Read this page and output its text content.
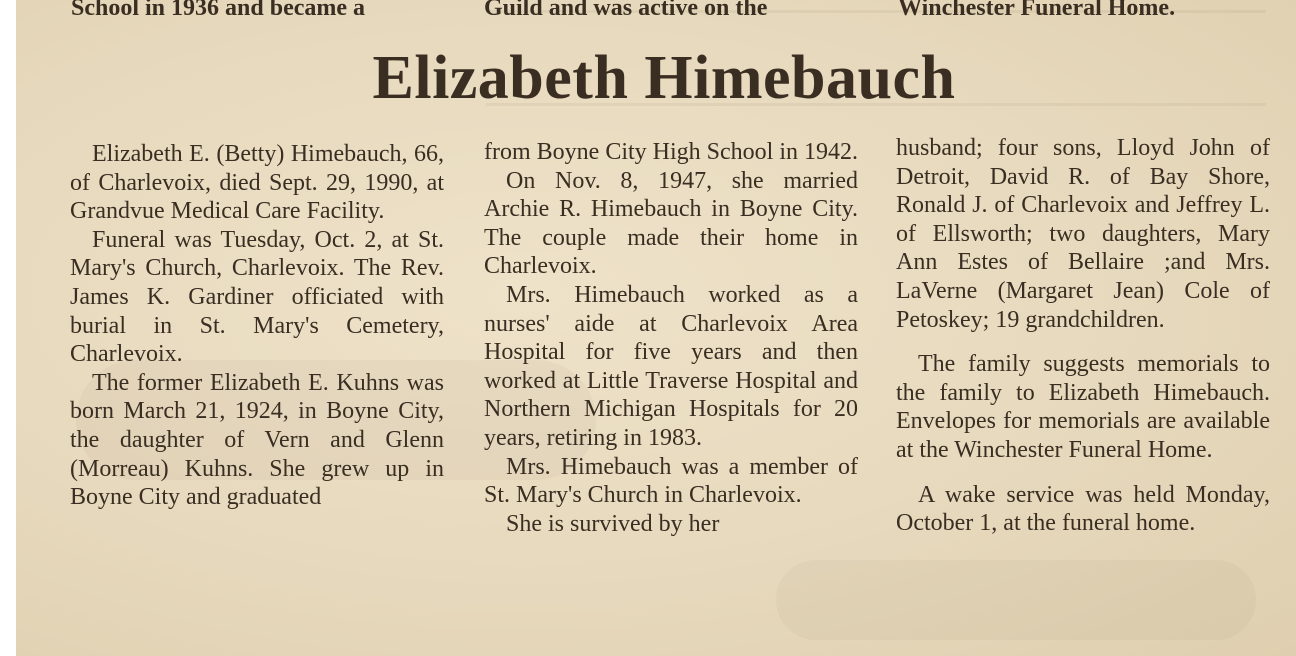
School in 1936 and became a	Guild and was active on the	Winchester Funeral Home.
Elizabeth Himebauch

Elizabeth E. (Betty) Himebauch, 66, of Charlevoix, died Sept. 29, 1990, at Grandvue Medical Care Facility.

Funeral was Tuesday, Oct. 2, at St. Mary's Church, Charlevoix. The Rev. James K. Gardiner officiated with burial in St. Mary's Cemetery, Charlevoix.

The former Elizabeth E. Kuhns was born March 21, 1924, in Boyne City, the daughter of Vern and Glenn (Morreau) Kuhns. She grew up in Boyne City and graduated

from Boyne City High School in 1942.

On Nov. 8, 1947, she married Archie R. Himebauch in Boyne City. The couple made their home in Charlevoix.

Mrs. Himebauch worked as a nurses' aide at Charlevoix Area Hospital for five years and then worked at Little Traverse Hospital and Northern Michigan Hospitals for 20 years, retiring in 1983.

Mrs. Himebauch was a member of St. Mary's Church in Charlevoix.

She is survived by her

husband; four sons, Lloyd John of Detroit, David R. of Bay Shore, Ronald J. of Charlevoix and Jeffrey L. of Ellsworth; two daughters, Mary Ann Estes of Bellaire ;and Mrs. LaVerne (Margaret Jean) Cole of Petoskey; 19 grandchildren.

The family suggests memorials to the family to Elizabeth Himebauch. Envelopes for memorials are available at the Winchester Funeral Home.

A wake service was held Monday, October 1, at the funeral home.
